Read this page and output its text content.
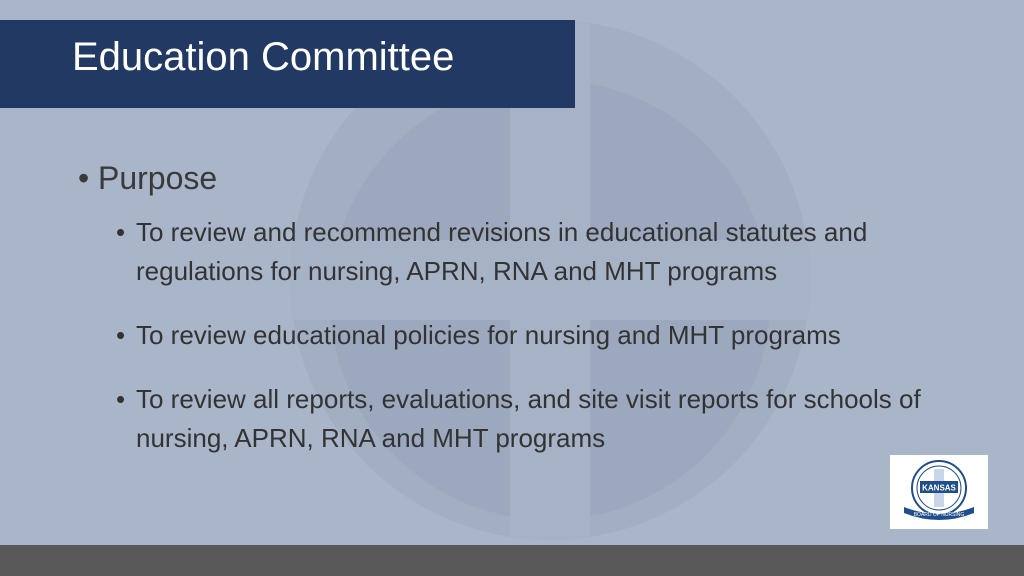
Education Committee
• Purpose
• To review and recommend revisions in educational statutes and regulations for nursing, APRN, RNA and MHT programs
• To review educational policies for nursing and MHT programs
• To review all reports, evaluations, and site visit reports for schools of nursing, APRN, RNA and MHT programs
KANSAS
BOARD OF NURSING
